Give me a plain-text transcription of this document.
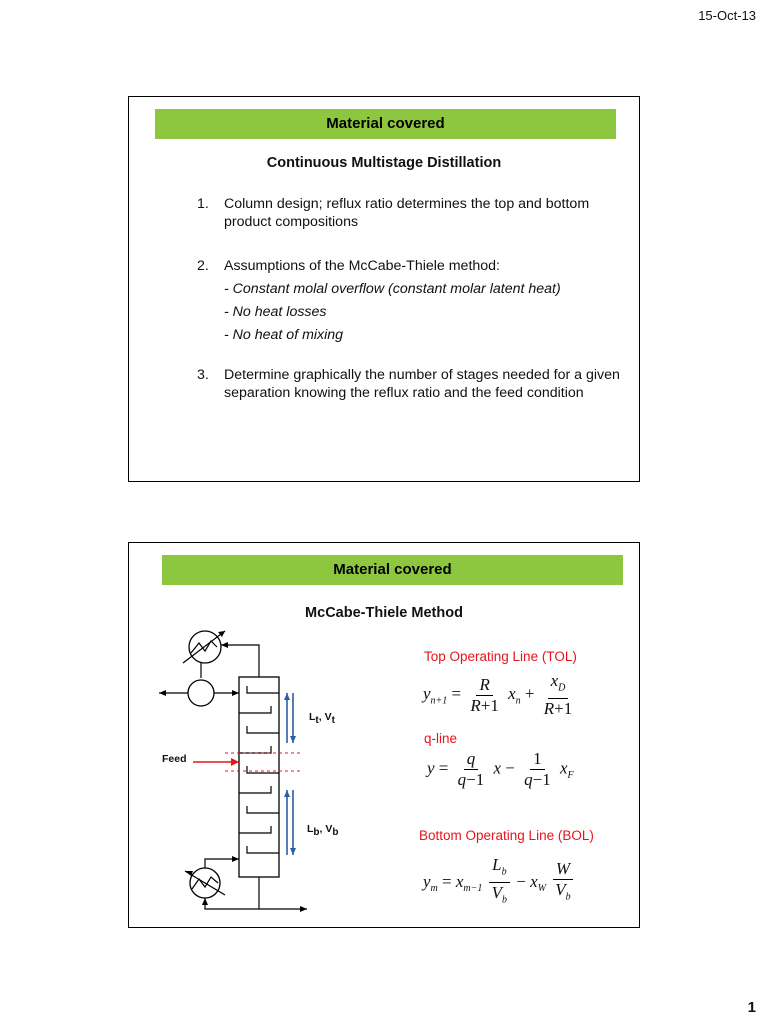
15-Oct-13
Material covered
Continuous Multistage Distillation
1. Column design; reflux ratio determines the top and bottom product compositions
2. Assumptions of the McCabe-Thiele method:
- Constant molal overflow (constant molar latent heat)
- No heat losses
- No heat of mixing
3. Determine graphically the number of stages needed for a given separation knowing the reflux ratio and the feed condition
Material covered
McCabe-Thiele Method
Feed
$L_t$, $V_t$
$L_b$, $V_b$
Top Operating Line (TOL)
$y_{n+1} = \frac{R}{R+1} x_n + \frac{x_D}{R+1}$
q-line
$y = \frac{q}{q-1}$ $x - \frac{1}{q-1} x_F$
Bottom Operating Line (BOL)
$y_m = x_{m-1} \frac{L_b}{V_b} - x_W \frac{W}{V_b}$
1
